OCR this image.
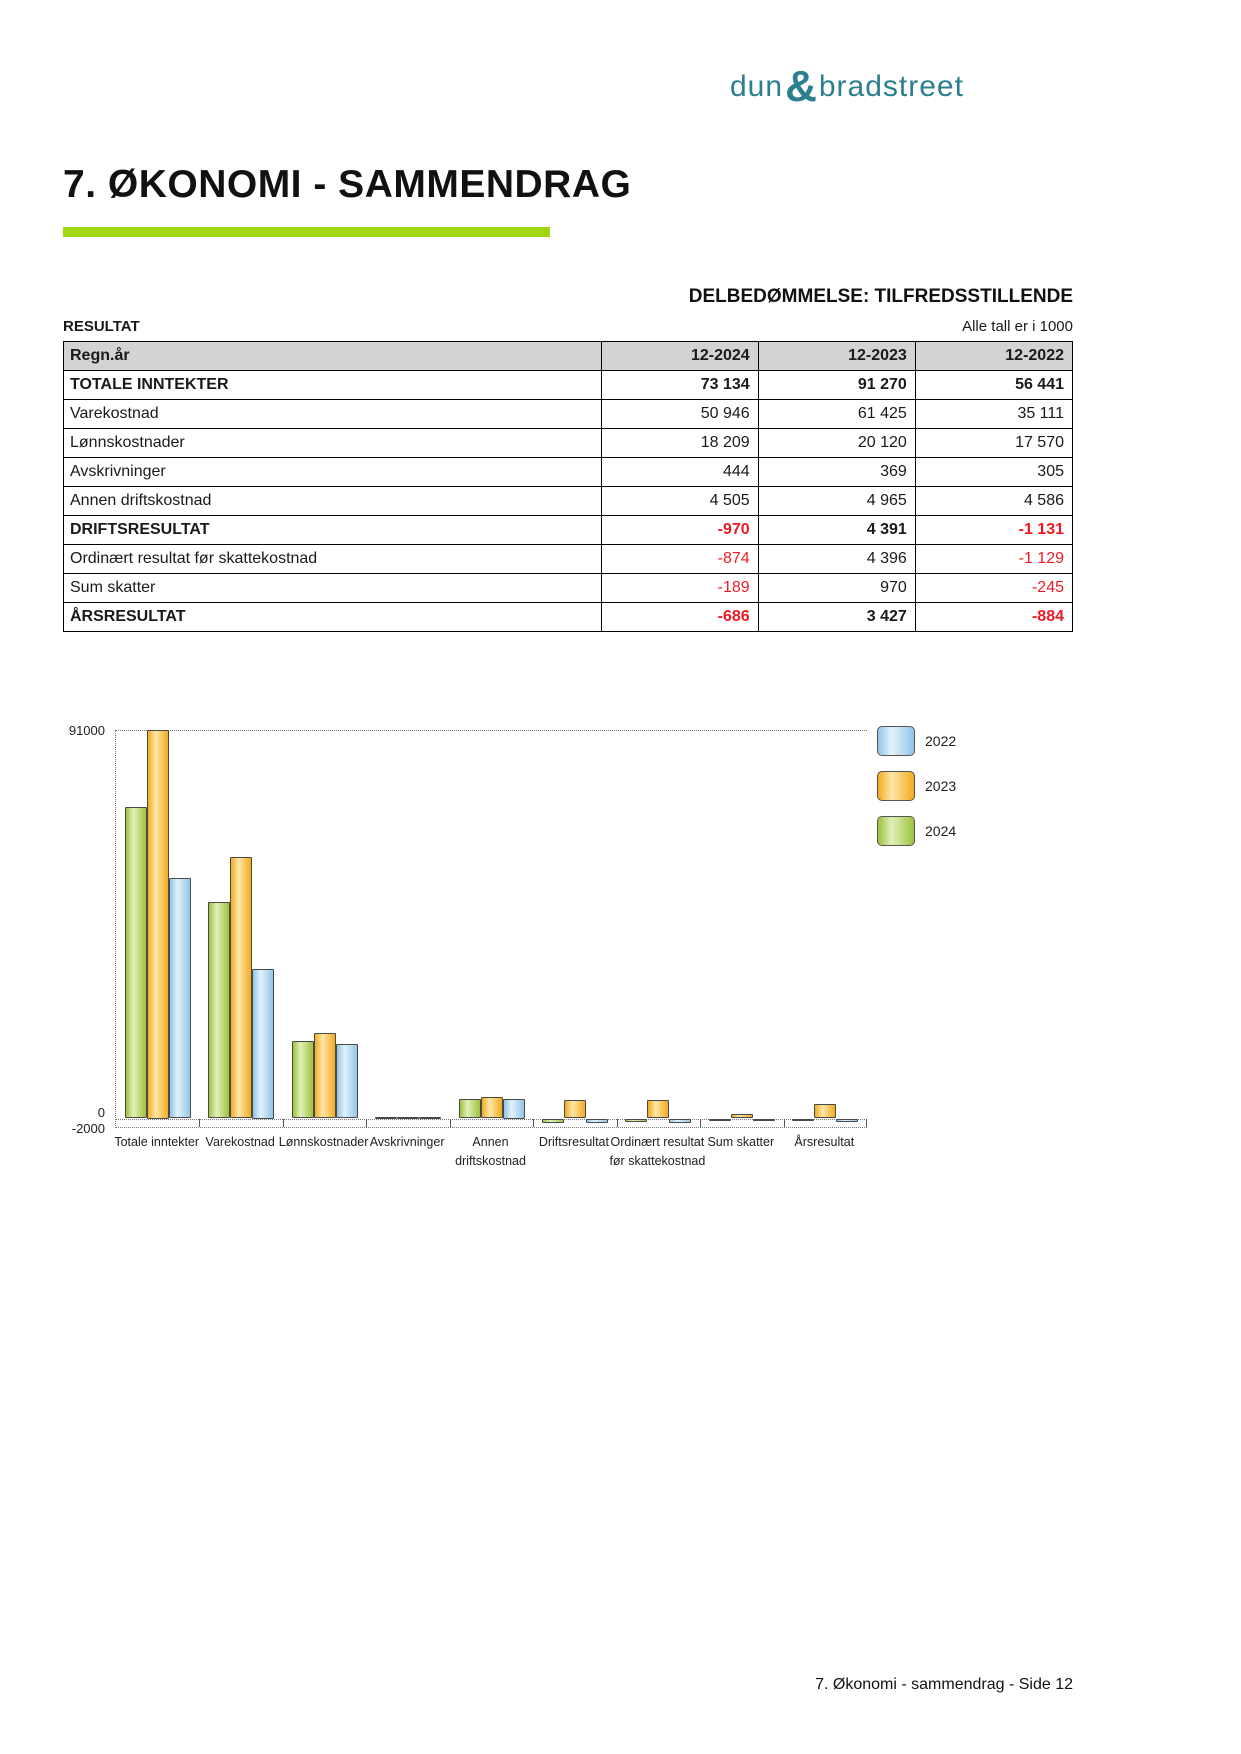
dun & bradstreet
7. ØKONOMI - SAMMENDRAG
DELBEDØMMELSE: TILFREDSSTILLENDE
RESULTAT	Alle tall er i 1000
Regn.år	12-2024	12-2023	12-2022
TOTALE INNTEKTER	73 134	91 270	56 441
Varekostnad	50 946	61 425	35 111
Lønnskostnader	18 209	20 120	17 570
Avskrivninger	444	369	305
Annen driftskostnad	4 505	4 965	4 586
DRIFTSRESULTAT	-970	4 391	-1 131
Ordinært resultat før skattekostnad	-874	4 396	-1 129
Sum skatter	-189	970	-245
ÅRSRESULTAT	-686	3 427	-884
91000
0
-2000
Totale inntekter Varekostnad Lønnskostnader Avskrivninger	Annen driftskostnad
Driftsresultat Ordinært resultat før skattekostnad
Sum skatter	Årsresultat
2022
2023
2024
7. Økonomi - sammendrag - Side 12
